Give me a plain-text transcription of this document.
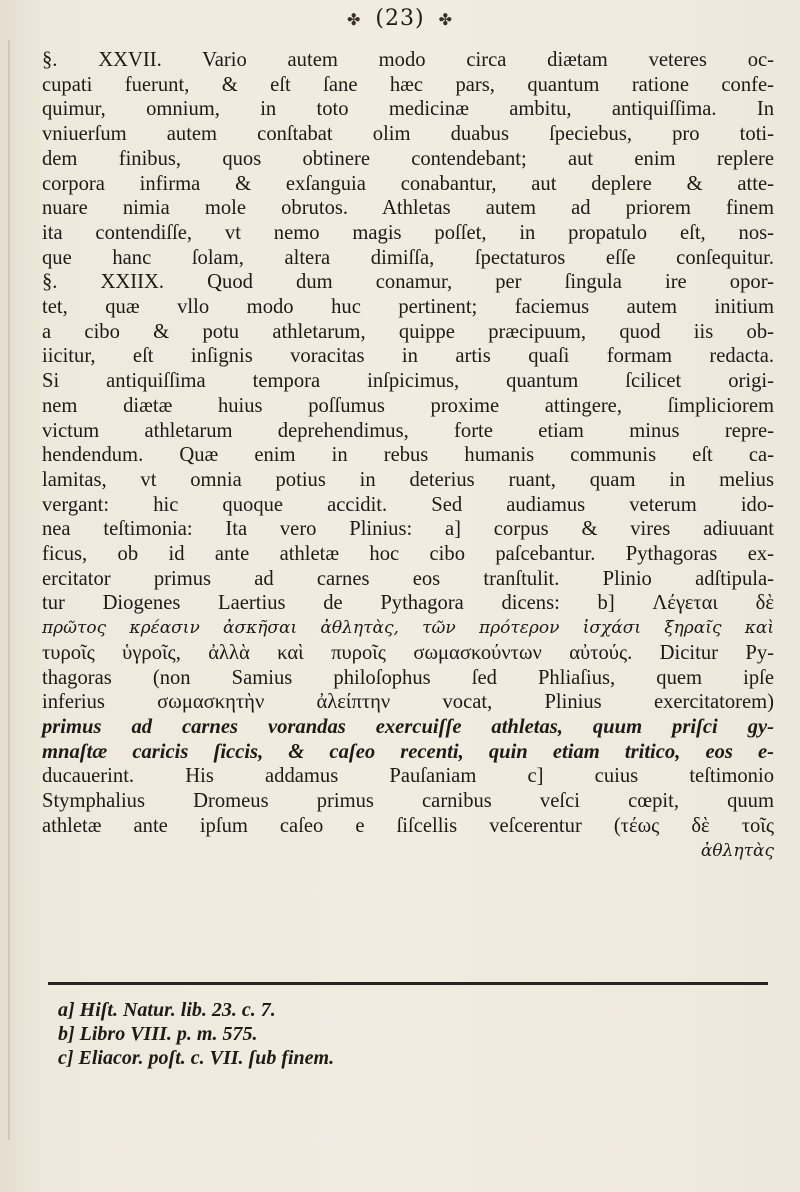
✤ (23) ✤
§. XXVII. Vario autem modo circa diætam veteres oc-
cupati fuerunt, & eſt ſane hæc pars, quantum ratione confe-
quimur, omnium, in toto medicinæ ambitu, antiquiſſima. In
vniuerſum autem conſtabat olim duabus ſpeciebus, pro toti-
dem finibus, quos obtinere contendebant; aut enim replere
corpora infirma & exſanguia conabantur, aut deplere & atte-
nuare nimia mole obrutos. Athletas autem ad priorem finem
ita contendiſſe, vt nemo magis poſſet, in propatulo eſt, nos-
que hanc ſolam, altera dimiſſa, ſpectaturos eſſe conſequitur.
§. XXIIX. Quod dum conamur, per ſingula ire opor-
tet, quæ vllo modo huc pertinent; faciemus autem initium
a cibo & potu athletarum, quippe præcipuum, quod iis ob-
iicitur, eſt inſignis voracitas in artis quaſi formam redacta.
Si antiquiſſima tempora inſpicimus, quantum ſcilicet origi-
nem diætæ huius poſſumus proxime attingere, ſimpliciorem
victum athletarum deprehendimus, forte etiam minus repre-
hendendum. Quæ enim in rebus humanis communis eſt ca-
lamitas, vt omnia potius in deterius ruant, quam in melius
vergant: hic quoque accidit. Sed audiamus veterum ido-
nea teſtimonia: Ita vero Plinius: a] corpus & vires adiuuant
ficus, ob id ante athletæ hoc cibo paſcebantur. Pythagoras ex-
ercitator primus ad carnes eos tranſtulit. Plinio adſtipula-
tur Diogenes Laertius de Pythagora dicens: b] Λέγεται δὲ
πρῶτος κρέασιν ἀσκῆσαι ἀθλητὰς, τῶν πρότερον ἰσχάσι ξηραῖς καὶ
τυροῖς ὑγροῖς, ἀλλὰ καὶ πυροῖς σωμασκούντων αὐτούς. Dicitur Py-
thagoras (non Samius philoſophus ſed Phliaſius, quem ipſe
inferius σωμασκητὴν ἀλείπτην vocat, Plinius exercitatorem)
primus ad carnes vorandas exercuiſſe athletas, quum priſci gy-
mnaſtæ caricis ſiccis, & caſeo recenti, quin etiam tritico, eos e-
ducauerint. His addamus Pauſaniam c] cuius teſtimonio
Stymphalius Dromeus primus carnibus veſci cœpit, quum
athletæ ante ipſum caſeo e ſiſcellis veſcerentur (τέως δὲ τοῖς
ἀθλητὰς
a] Hiſt. Natur. lib. 23. c. 7.
b] Libro VIII. p. m. 575.
c] Eliacor. poſt. c. VII. ſub finem.
